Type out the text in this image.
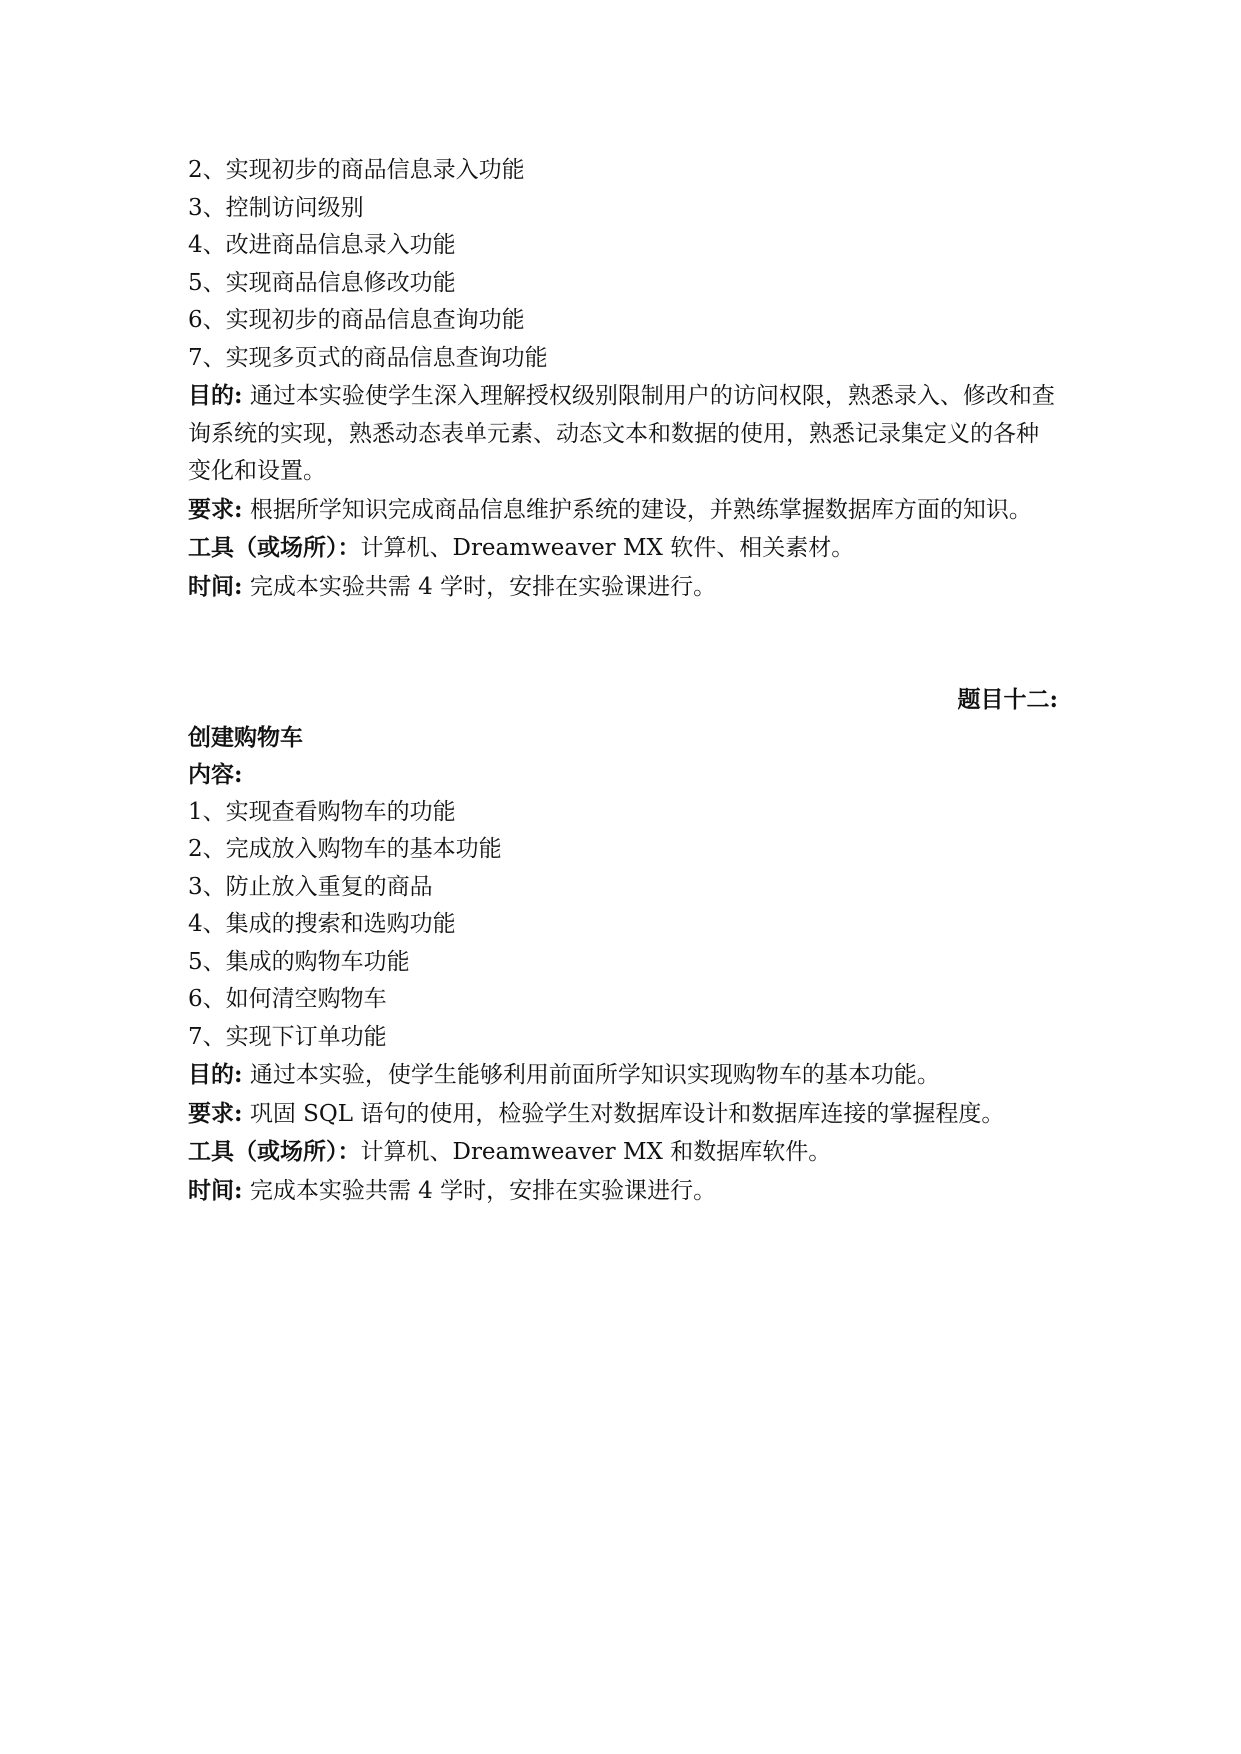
2、实现初步的商品信息录入功能

3、控制访问级别

4、改进商品信息录入功能

5、实现商品信息修改功能

6、实现初步的商品信息查询功能

7、实现多页式的商品信息查询功能

目的: 通过本实验使学生深入理解授权级别限制用户的访问权限，熟悉录入、修改和查询系统的实现，熟悉动态表单元素、动态文本和数据的使用，熟悉记录集定义的各种变化和设置。

要求: 根据所学知识完成商品信息维护系统的建设，并熟练掌握数据库方面的知识。

工具（或场所）：计算机、Dreamweaver MX 软件、相关素材。

时间: 完成本实验共需 4 学时，安排在实验课进行。

题目十二:

创建购物车

内容:

1、实现查看购物车的功能

2、完成放入购物车的基本功能

3、防止放入重复的商品

4、集成的搜索和选购功能

5、集成的购物车功能

6、如何清空购物车

7、实现下订单功能

目的: 通过本实验，使学生能够利用前面所学知识实现购物车的基本功能。

要求: 巩固 SQL 语句的使用，检验学生对数据库设计和数据库连接的掌握程度。

工具（或场所）：计算机、Dreamweaver MX 和数据库软件。

时间: 完成本实验共需 4 学时，安排在实验课进行。
